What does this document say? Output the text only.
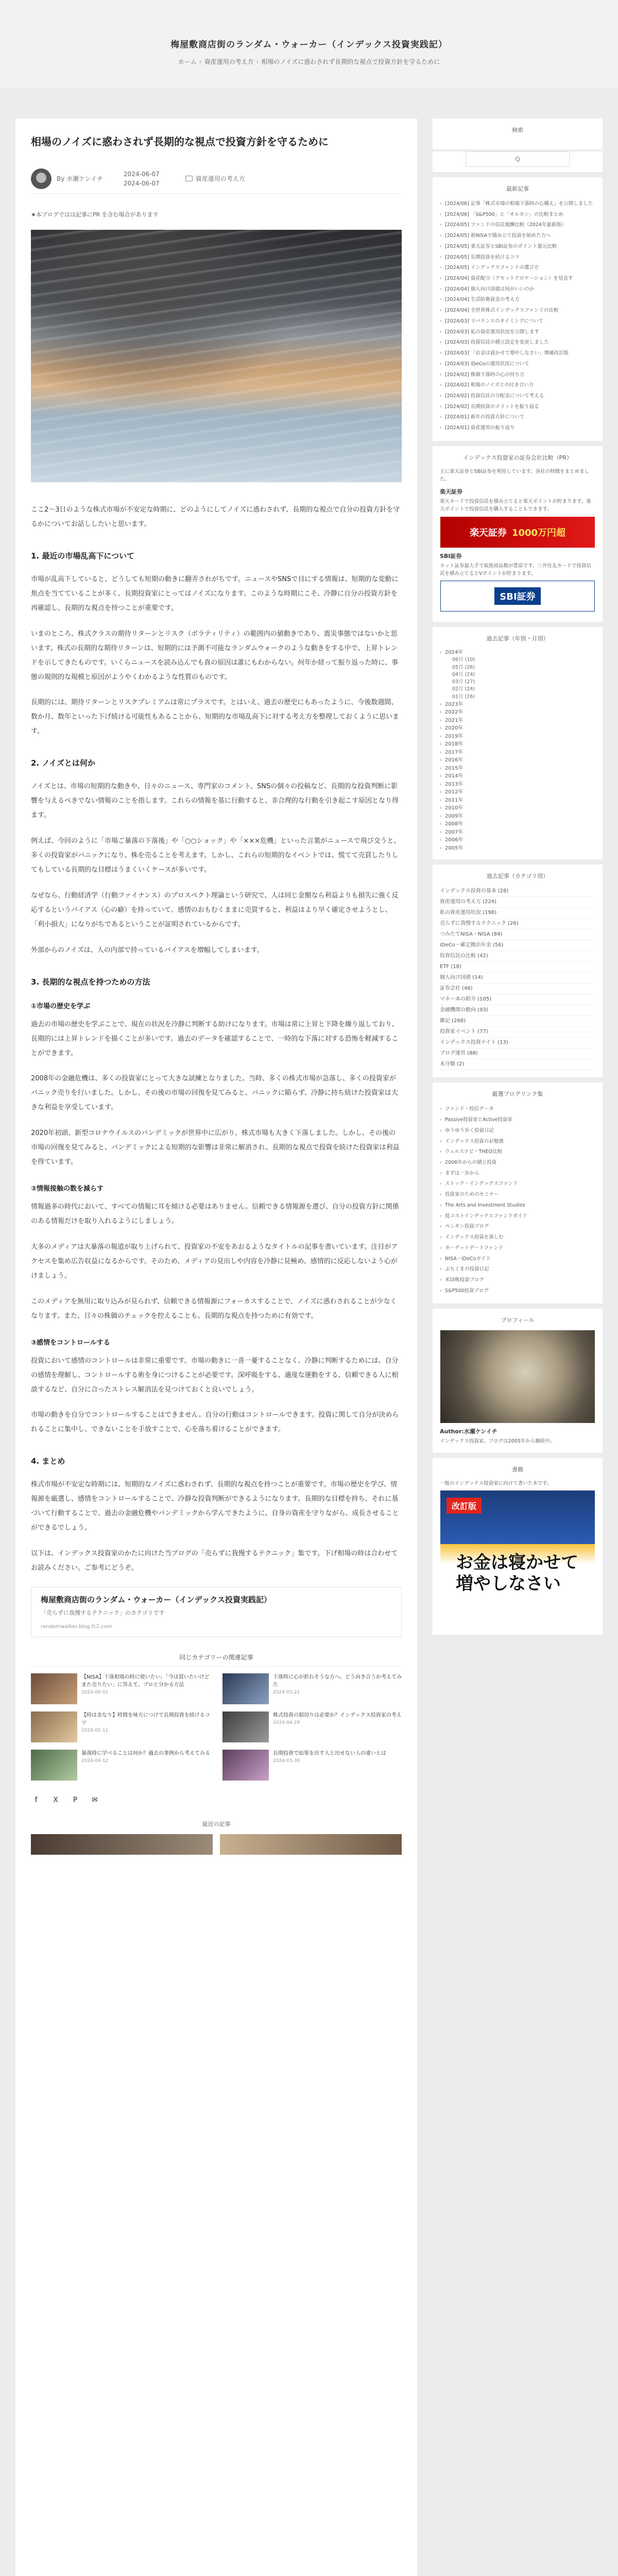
梅屋敷商店街のランダム・ウォーカー（インデックス投資実践記）
ホーム › 資産運用の考え方 › 相場のノイズに惑わされず長期的な視点で投資方針を守るために
相場のノイズに惑わされず長期的な視点で投資方針を守るために
By 水瀬ケンイチ
2024-06-07
2024-06-07
資産運用の考え方
★本ブログではは記事にPR を含む場合があります
ここ2〜3日のような株式市場が不安定な時期に、どのようにしてノイズに惑わされず、長期的な視点で自分の投資方針を守るかについてお話ししたいと思います。
1. 最近の市場乱高下について
市場が乱高下していると、どうしても短期の動きに翻弄されがちです。ニュースやSNSで目にする情報は、短期的な変動に焦点を当てていることが多く、長期投資家にとってはノイズになります。このような時期にこそ、冷静に自分の投資方針を再確認し、長期的な視点を持つことが重要です。
いまのところ、株式クラスの期待リターンとリスク（ボラティリティ）の範囲内の値動きであり、震災事態ではないかと思います。株式の長期的な期待リターンは、短期的には予測不可能なランダムウォークのような動きをする中で、上昇トレンドを示してきたものです。いくらニュースを読み込んでも真の原因は誰にもわからない。何年か経って振り返った時に、事態の規則的な規模と原因がようやくわかるような性質のものです。
長期的には、期待リターンとリスクプレミアムは常にプラスです。とはいえ、過去の歴史にもあったように、今後数週間、数か月、数年といった下げ続ける可能性もあることから、短期的な市場乱高下に対する考え方を整理しておくように思います。
2. ノイズとは何か
ノイズとは、市場の短期的な動きや、日々のニュース、専門家のコメント、SNSの個々の投稿など、長期的な投資判断に影響を与えるべきでない情報のことを指します。これらの情報を基に行動すると、非合理的な行動を引き起こす原因となり得ます。
例えば、今回のように「市場ご暴落の下落後」や「○○ショック」や「×××危機」といった言葉がニュースで飛び交うと、多くの投資家がパニックになり、株を売ることを考えます。しかし、これらの短期的なイベントでは、慌てて売買したりしてもしている長期的な目標はうまくいくケースが多いです。
なぜなら、行動経済学（行動ファイナンス）のプロスペクト理論という研究で、人は同じ金額なら利益よりも損失に強く反応するというバイアス（心の癖）を持っていて、感情のおもむくままに売買すると、利益はより早く確定させようとし、「利小損大」になりがちであるということが証明されているからです。
外部からのノイズは、人の内部で持っているバイアスを増幅してしまいます。
3. 長期的な視点を持つための方法
①市場の歴史を学ぶ
過去の市場の歴史を学ぶことで、現在の状況を冷静に判断する助けになります。市場は常に上昇と下降を繰り返しており、長期的には上昇トレンドを描くことが多いです。過去のデータを確認することで、一時的な下落に対する恐怖を軽減することができます。
2008年の金融危機は、多くの投資家にとって大きな試練となりました。当時、多くの株式市場が急落し、多くの投資家がパニック売りを行いました。しかし、その後の市場の回復を見てみると、パニックに陥らず、冷静に持ち続けた投資家は大きな利益を享受しています。
2020年初頭、新型コロナウイルスのパンデミックが世界中に広がり、株式市場も大きく下落しました。しかし、その後の市場の回復を見てみると、パンデミックによる短期的な影響は非常に解消され、長期的な視点で投資を続けた投資家は利益を得ています。
②情報接触の数を減らす
情報過多の時代において、すべての情報に耳を傾ける必要はありません。信頼できる情報源を選び、自分の投資方針に関係のある情報だけを取り入れるようにしましょう。
大多のメディアは大暴落の報道が取り上げられて、投資家の不安をあおるようなタイトルの記事を書いています。注目がアクセスを集め広告収益になるからです。そのため、メディアの見出しや内容を冷静に見極め、感情的に反応しないよう心がけましょう。
このメディアを無用に取り込みが見られず、信頼できる情報源にフォーカスすることで、ノイズに惑わされることが少なくなります。また、日々の株価のチェックを控えることも、長期的な視点を持つために有効です。
③感情をコントロールする
投資において感情のコントロールは非常に重要です。市場の動きに一喜一憂することなく、冷静に判断するためには、自分の感情を理解し、コントロールする術を身につけることが必要です。深呼吸をする、適度な運動をする、信頼できる人に相談するなど、自分に合ったストレス解消法を見つけておくと良いでしょう。
市場の動きを自分でコントロールすることはできません。自分の行動はコントロールできます。投資に関して自分が決められることに集中し、できないことを手放すことで、心を落ち着けることができます。
4. まとめ
株式市場が不安定な時期には、短期的なノイズに惑わされず、長期的な視点を持つことが重要です。市場の歴史を学び、情報源を厳選し、感情をコントロールすることで、冷静な投資判断ができるようになります。長期的な目標を持ち、それに基づいて行動することで、過去の金融危機やパンデミックから学んできたように、自身の資産を守りながら、成長させることができるでしょう。
以下は、インデックス投資家のかたに向けた当ブログの「売らずに我慢するテクニック」集です。下げ相場の時は合わせてお読みください。ご参考にどうぞ。
梅屋敷商店街のランダム・ウォーカー（インデックス投資実践記）
「売らずに我慢するテクニック」のカテゴリです
randomwalker.blog.fc2.com
同じカテゴリーの関連記事
【NISA】下落相場の時に使いたい。「今は買いたいけどまた売りたい」に答えて、プロと分かる方法
2024-06-01
下落時に心が折れそうな方へ。どう向き合うか考えてみた
2024-05-21
【時は金なり】時間を味方につけて長期投資を続けるコツ
2024-05-11
株式投資の損切りは必要か？インデックス投資家の考え
2024-04-28
暴落時に学べることは何か？過去の事例から考えてみる
2024-04-12
長期投資で結果を出す人と出せない人の違いとは
2024-03-30
f	X	P	✉
最近の記事
検索
Q
最新記事
› [2024/06] 記事「株式市場の相場下落時の心構え」を公開しました
› [2024/06] 「S&P500」と「オルカン」の比較まとめ
› [2024/05] ファンドの信託報酬比較（2024年最新版）
› [2024/05] 新NISAで積み立て投資を始めた方へ
› [2024/05] 楽天証券とSBI証券のポイント還元比較
› [2024/05] 長期投資を続けるコツ
› [2024/05] インデックスファンドの選び方
› [2024/04] 資産配分（アセットアロケーション）を見直す
› [2024/04] 個人向け国債は何がいいのか
› [2024/04] 生活防衛資金の考え方
› [2024/04] 全世界株式インデックスファンドの比較
› [2024/03] リバランスのタイミングについて
› [2024/03] 私の資産運用状況を公開します
› [2024/03] 投資信託の積立設定を変更しました
› [2024/03] 「お金は寝かせて増やしなさい」増補改訂版
› [2024/03] iDeCoの運用状況について
› [2024/02] 株価下落時の心の持ち方
› [2024/02] 相場のノイズとの付き合い方
› [2024/02] 投資信託の分配金について考える
› [2024/02] 長期投資のメリットを振り返る
› [2024/01] 新年の投資方針について
› [2024/01] 資産運用の振り返り
インデックス投資家の証券会社比較（PR）
主に楽天証券とSBI証券を利用しています。各社の特徴をまとめました。
楽天証券
楽天カードで投資信託を積み立てると楽天ポイントが貯まります。楽天ポイントで投資信託を購入することもできます。
楽天証券 1000万円超
SBI証券
ネット証券最大手で取扱商品数が豊富です。三井住友カードで投資信託を積み立てるとVポイントが貯まります。
SBI証券
過去記事（年別・月別）
› 2024年
06月 (10)
05月 (26)
04月 (24)
03月 (27)
02月 (24)
01月 (26)
› 2023年
› 2022年
› 2021年
› 2020年
› 2019年
› 2018年
› 2017年
› 2016年
› 2015年
› 2014年
› 2013年
› 2012年
› 2011年
› 2010年
› 2009年
› 2008年
› 2007年
› 2006年
› 2005年
過去記事（カテゴリ別）
インデックス投資の基本 (28)
資産運用の考え方 (224)
私の資産運用状況 (198)
売らずに我慢するテクニック (26)
つみたてNISA・NISA (84)
iDeCo・確定拠出年金 (56)
投資信託の比較 (42)
ETF (18)
個人向け国債 (14)
証券会社 (46)
マネー本の紹介 (105)
金融機関の動向 (93)
雑記 (268)
投資家イベント (77)
インデックス投資ナイト (13)
ブログ運営 (88)
未分類 (2)
厳選ブログリンク集
› ファンド・投信データ
› Passive投資家とActive投資家
› ゆうゆう歩く投資日記
› インデックス投資のお勉強
› ウェルスナビ・THEO比較
› 2006年からの積立投資
› まずは一歩から
› ストック・インデックスファンド
› 投資家のためのセミナー
› The Arts and Investment Studies
› 低コストインデックスファンドガイド
› ペンギン投資ブログ
› インデックス投資を楽しむ
› ターゲットデートファンド
› NISA・iDeCoガイド
› ぶちくまの投資日記
› 米国株投資ブログ
› S&P500投資ブログ
プロフィール
Author:水瀬ケンイチ
インデックス投資家。ブログは2005年から継続中。
書籍
一般のインデックス投資家に向けて書いた本です。
改訂版
お金は寝かせて増やしなさい
